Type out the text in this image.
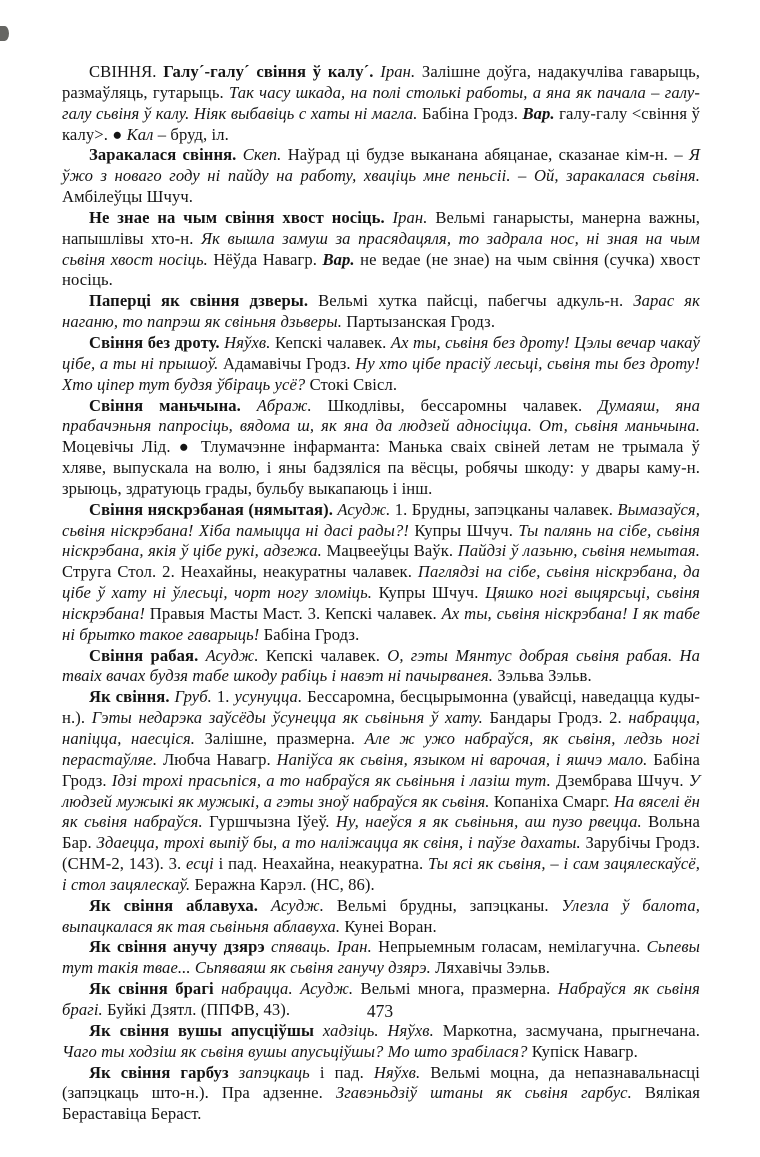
СВІННЯ. Галу´-галу´ свіння ў калу´. Іран. Залішне доўга, надакучліва гаварыць, размаўляць, гутарыць. Так часу шкада, на полі столькі работы, а яна як пачала – галу-галу сьвіня ў калу. Ніяк выбавіць с хаты ні магла. Бабіна Гродз. Вар. галу-галу <свіння ў калу>. ● Кал – бруд, іл.

Заракалася свіння. Скеп. Наўрад ці будзе выканана абяцанае, сказанае кім-н. – Я ўжо з новаго году ні пайду на работу, хваціць мне пеньсіі. – Ой, заракалася сьвіня. Амбілеўцы Шчуч.

Не знае на чым свіння хвост носіць. Іран. Вельмі ганарысты, манерна важны, напышлівы хто-н. Як вышла замуш за прасядацяля, то задрала нос, ні зная на чым сьвіня хвост носіць. Нёўда Навагр. Вар. не ведае (не знае) на чым свіння (сучка) хвост носіць.

Паперці як свіння дзверы. Вельмі хутка пайсці, пабегчы адкуль-н. Зарас як наганю, то папрэш як свіньня дзьверы. Партызанская Гродз.

Свіння без дроту. Няўхв. Кепскі чалавек. Ах ты, сьвіня без дроту! Цэлы вечар чакаў цібе, а ты ні прышоў. Адамавічы Гродз. Ну хто цібе прасіў лесьці, сьвіня ты без дроту! Хто ціпер тут будзя ўбіраць усё? Стокі Свісл.

Свіння маньчына. Абраж. Шкодлівы, бессаромны чалавек. Думаяш, яна прабачэньня папросіць, вядома ш, як яна да людзей адносіцца. От, сьвіня маньчына. Моцевічы Лід. ● Тлумачэнне інфарманта: Манька сваіх свіней летам не трымала ў хляве, выпускала на волю, і яны бадзяліся па вёсцы, робячы шкоду: у двары каму-н. зрыюць, здратуюць грады, бульбу выкапаюць і інш.

Свіння няскрэбаная (нямытая). Асудж. 1. Брудны, запэцканы чалавек. Вымазаўся, сьвіня ніскрэбана! Хіба памыцца ні дасі рады?! Купры Шчуч. Ты палянь на сібе, сьвіня ніскрэбана, якія ў цібе рукі, адзежа. Мацвееўцы Ваўк. Пайдзі ў лазьню, сьвіня немытая. Струга Стол. 2. Неахайны, неакуратны чалавек. Паглядзі на сібе, сьвіня ніскрэбана, да цібе ў хату ні ўлесьці, чорт ногу зломіць. Купры Шчуч. Цяшко ногі выцярсьці, сьвіня ніскрэбана! Правыя Масты Маст. 3. Кепскі чалавек. Ах ты, сьвіня ніскрэбана! І як табе ні брытко такое гаварыць! Бабіна Гродз.

Свіння рабая. Асудж. Кепскі чалавек. О, гэты Мянтус добрая сьвіня рабая. На тваіх вачах будзя табе шкоду рабіць і навэт ні пачырванея. Зэльва Зэльв.

Як свіння. Груб. 1. усунуцца. Бессаромна, бесцырымонна (увайсці, наведацца куды-н.). Гэты недарэка заўсёды ўсунецца як сьвіньня ў хату. Бандары Гродз. 2. набрацца, напіцца, наесціся. Залішне, празмерна. Але ж ужо набраўся, як сьвіня, ледзь ногі перастаўляе. Любча Навагр. Напіўса як сьвіня, языком ні варочая, і яшчэ мало. Бабіна Гродз. Ідзі трохі прасьпіся, а то набраўся як сьвіньня і лазіш тут. Дзембрава Шчуч. У людзей мужыкі як мужыкі, а гэты зноў набраўся як сьвіня. Копаніха Смарг. На вяселі ён як сьвіня набраўся. Гуршчызна Іўеў. Ну, наеўся я як сьвіньня, аш пузо рвецца. Вольна Бар. Здаецца, трохі выпіў бы, а то наліжацца як свіня, і паўзе дахаты. Зарубічы Гродз. (СНМ-2, 143). 3. есці і пад. Неахайна, неакуратна. Ты ясі як сьвіня, – і сам зацялескаўсё, і стол зацялескаў. Беражна Карэл. (НС, 86).

Як свіння аблавуха. Асудж. Вельмі брудны, запэцканы. Улезла ў балота, выпацкалася як тая сьвіньня аблавуха. Кунеі Воран.

Як свіння анучу дзярэ спяваць. Іран. Непрыемным голасам, немілагучна. Сьпевы тут такія твае... Сьпяваяш як сьвіня ганучу дзярэ. Ляхавічы Зэльв.

Як свіння брагі набрацца. Асудж. Вельмі многа, празмерна. Набраўся як сьвіня брагі. Буйкі Дзятл. (ППФВ, 43).

Як свіння вушы апусціўшы хадзіць. Няўхв. Маркотна, засмучана, прыгнечана. Чаго ты ходзіш як сьвіня вушы апусьціўшы? Мо што зрабілася? Купіск Навагр.

Як свіння гарбуз запэцкаць і пад. Няўхв. Вельмі моцна, да непазнавальнасці (запэцкаць што-н.). Пра адзенне. Згавэньдзіў штаны як сьвіня гарбус. Вялікая Бераставіца Бераст.

473
